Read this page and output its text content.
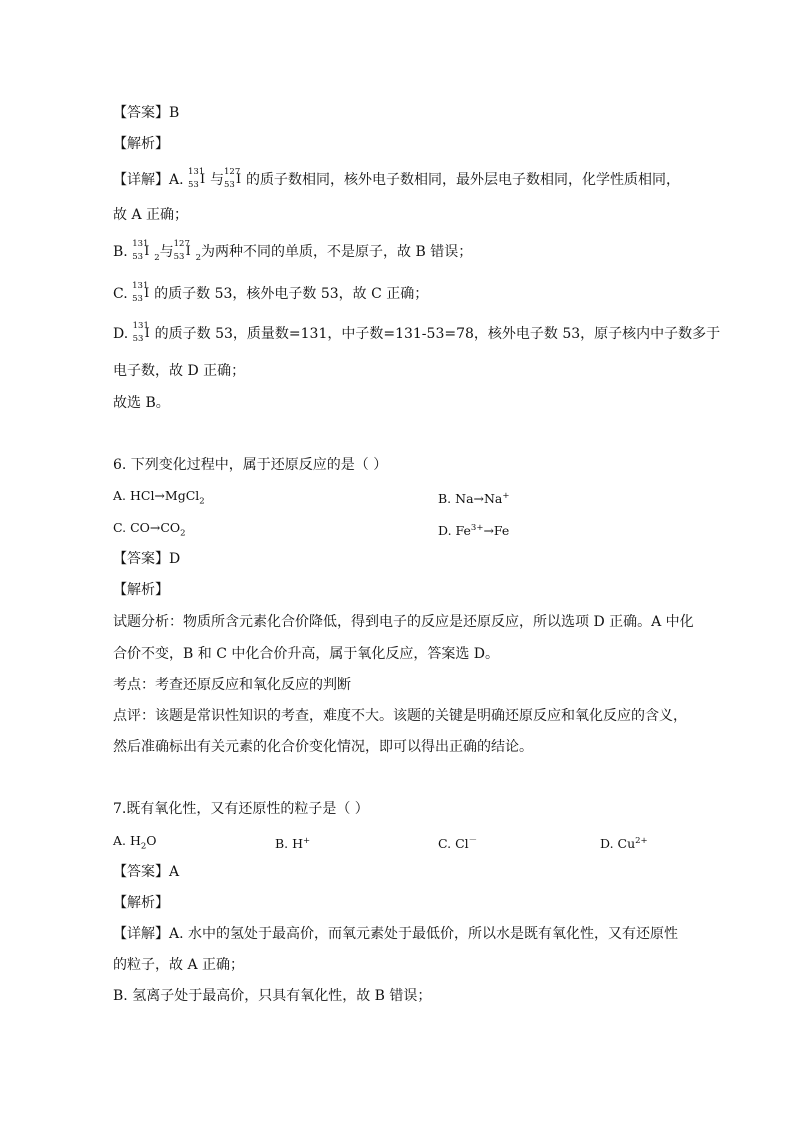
【答案】B
【解析】
【详解】A. 131
53 I 与 127
53 I 的质子数相同，核外电子数相同，最外层电子数相同，化学性质相同，
故 A 正确；
B. 131
53 I $_2$与 127
53 I $_2$为两种不同的单质，不是原子，故 B 错误；
C. 131
53 I 的质子数 53，核外电子数 53，故 C 正确；
D. 131
53 I 的质子数 53，质量数=131，中子数=131-53=78，核外电子数 53，原子核内中子数多于
电子数，故 D 正确；
故选 B。
6. 下列变化过程中，属于还原反应的是（ ）
A. HCl→MgCl$_2$	B. Na→Na+
C. $CO\to CO_2$	D. $Fe^{3+}\to Fe$
【答案】D
【解析】
试题分析：物质所含元素化合价降低，得到电子的反应是还原反应，所以选项 D 正确。A 中化
合价不变，B 和 C 中化合价升高，属于氧化反应，答案选 D。
考点：考查还原反应和氧化反应的判断
点评：该题是常识性知识的考查，难度不大。该题的关键是明确还原反应和氧化反应的含义，
然后准确标出有关元素的化合价变化情况，即可以得出正确的结论。
7.既有氧化性，又有还原性的粒子是（ ）
A. $H_2O$	B. H+	C. Cl－	D. $Cu^{2+}$
【答案】A
【解析】
【详解】A. 水中的氢处于最高价，而氧元素处于最低价，所以水是既有氧化性，又有还原性
的粒子，故 A 正确；
B. 氢离子处于最高价，只具有氧化性，故 B 错误；
